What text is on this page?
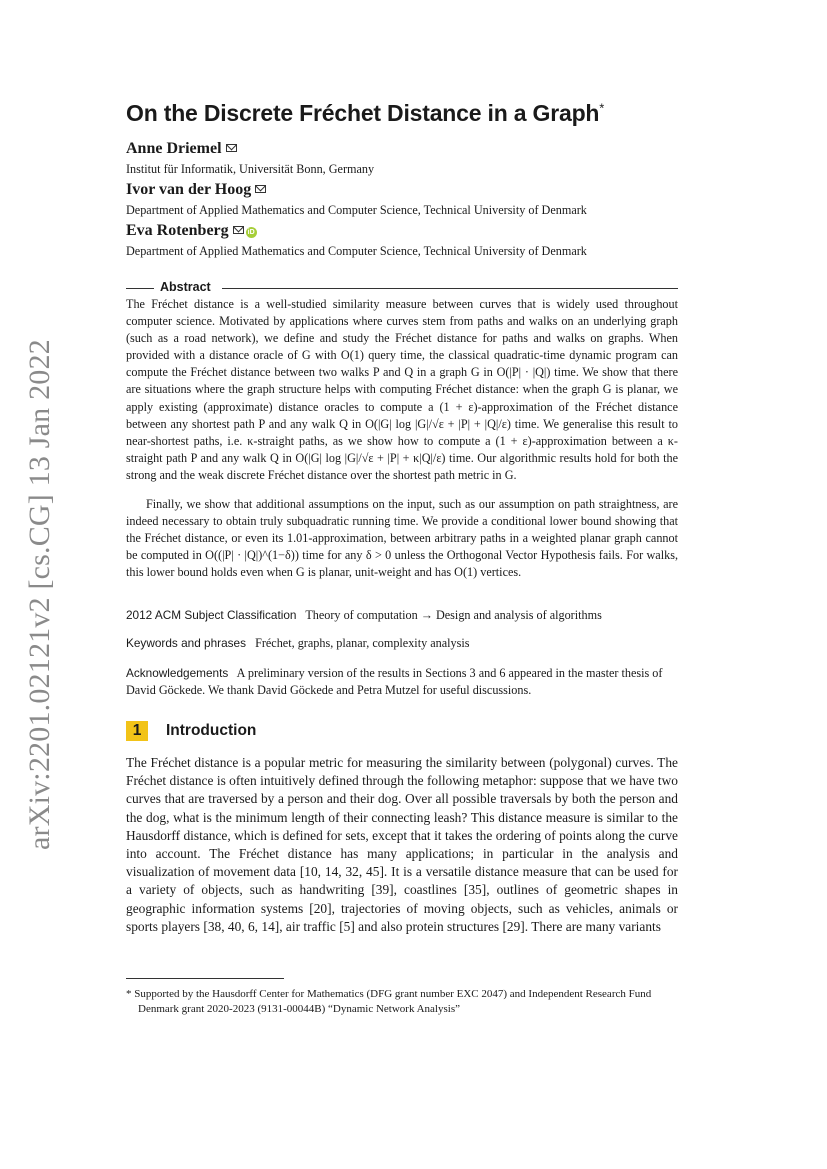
arXiv:2201.02121v2 [cs.CG] 13 Jan 2022
On the Discrete Fréchet Distance in a Graph*
Anne Driemel
Institut für Informatik, Universität Bonn, Germany
Ivor van der Hoog
Department of Applied Mathematics and Computer Science, Technical University of Denmark
Eva Rotenberg	iD
Department of Applied Mathematics and Computer Science, Technical University of Denmark
Abstract
The Fréchet distance is a well-studied similarity measure between curves that is widely used throughout computer science. Motivated by applications where curves stem from paths and walks on an underlying graph (such as a road network), we define and study the Fréchet distance for paths and walks on graphs. When provided with a distance oracle of G with O(1) query time, the classical quadratic-time dynamic program can compute the Fréchet distance between two walks P and Q in a graph G in O(|P| · |Q|) time. We show that there are situations where the graph structure helps with computing Fréchet distance: when the graph G is planar, we apply existing (approximate) distance oracles to compute a (1 + ε)-approximation of the Fréchet distance between any shortest path P and any walk Q in O(|G| log |G|/√ε + |P| + |Q|/ε) time. We generalise this result to near-shortest paths, i.e. κ-straight paths, as we show how to compute a (1 + ε)-approximation between a κ-straight path P and any walk Q in O(|G| log |G|/√ε + |P| + κ|Q|/ε) time. Our algorithmic results hold for both the strong and the weak discrete Fréchet distance over the shortest path metric in G.
Finally, we show that additional assumptions on the input, such as our assumption on path straightness, are indeed necessary to obtain truly subquadratic running time. We provide a conditional lower bound showing that the Fréchet distance, or even its 1.01-approximation, between arbitrary paths in a weighted planar graph cannot be computed in O((|P| · |Q|)^(1−δ)) time for any δ > 0 unless the Orthogonal Vector Hypothesis fails. For walks, this lower bound holds even when G is planar, unit-weight and has O(1) vertices.
2012 ACM Subject Classification Theory of computation → Design and analysis of algorithms
Keywords and phrases Fréchet, graphs, planar, complexity analysis
Acknowledgements A preliminary version of the results in Sections 3 and 6 appeared in the master thesis of David Göckede. We thank David Göckede and Petra Mutzel for useful discussions.
1 Introduction
The Fréchet distance is a popular metric for measuring the similarity between (polygonal) curves. The Fréchet distance is often intuitively defined through the following metaphor: suppose that we have two curves that are traversed by a person and their dog. Over all possible traversals by both the person and the dog, what is the minimum length of their connecting leash? This distance measure is similar to the Hausdorff distance, which is defined for sets, except that it takes the ordering of points along the curve into account. The Fréchet distance has many applications; in particular in the analysis and visualization of movement data [10, 14, 32, 45]. It is a versatile distance measure that can be used for a variety of objects, such as handwriting [39], coastlines [35], outlines of geometric shapes in geographic information systems [20], trajectories of moving objects, such as vehicles, animals or sports players [38, 40, 6, 14], air traffic [5] and also protein structures [29]. There are many variants
* Supported by the Hausdorff Center for Mathematics (DFG grant number EXC 2047) and Independent Research Fund Denmark grant 2020-2023 (9131-00044B) “Dynamic Network Analysis”
